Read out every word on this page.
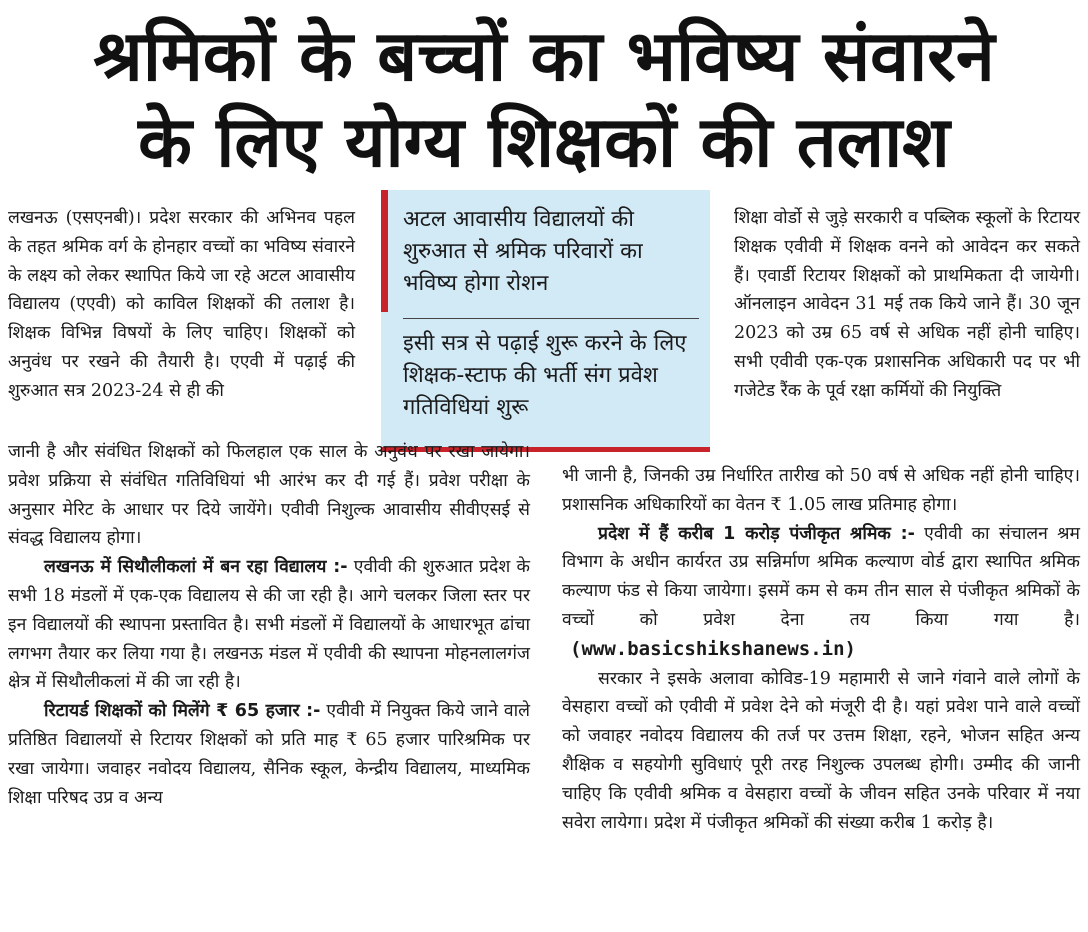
श्रमिकों के बच्चों का भविष्य संवारने
के लिए योग्य शिक्षकों की तलाश
अटल आवासीय विद्यालयों की शुरुआत से श्रमिक परिवारों का भविष्य होगा रोशन
इसी सत्र से पढ़ाई शुरू करने के लिए शिक्षक-स्टाफ की भर्ती संग प्रवेश गतिविधियां शुरू

लखनऊ (एसएनबी)। प्रदेश सरकार की अभिनव पहल के तहत श्रमिक वर्ग के होनहार वच्चों का भविष्य संवारने के लक्ष्य को लेकर स्थापित किये जा रहे अटल आवासीय विद्यालय (एएवी) को काविल शिक्षकों की तलाश है। शिक्षक विभिन्न विषयों के लिए चाहिए। शिक्षकों को अनुवंध पर रखने की तैयारी है। एएवी में पढ़ाई की शुरुआत सत्र 2023-24 से ही की

जानी है और संवंधित शिक्षकों को फिलहाल एक साल के अनुवंध पर रखा जायेगा। प्रवेश प्रक्रिया से संवंधित गतिविधियां भी आरंभ कर दी गई हैं। प्रवेश परीक्षा के अनुसार मेरिट के आधार पर दिये जायेंगे। एवीवी निशुल्क आवासीय सीवीएसई से संवद्ध विद्यालय होगा।

लखनऊ में सिथौलीकलां में बन रहा विद्यालय :- एवीवी की शुरुआत प्रदेश के सभी 18 मंडलों में एक-एक विद्यालय से की जा रही है। आगे चलकर जिला स्तर पर इन विद्यालयों की स्थापना प्रस्तावित है। सभी मंडलों में विद्यालयों के आधारभूत ढांचा लगभग तैयार कर लिया गया है। लखनऊ मंडल में एवीवी की स्थापना मोहनलालगंज क्षेत्र में सिथौलीकलां में की जा रही है।

रिटायर्ड शिक्षकों को मिलेंगे ₹ 65 हजार :- एवीवी में नियुक्त किये जाने वाले प्रतिष्ठित विद्यालयों से रिटायर शिक्षकों को प्रति माह ₹ 65 हजार पारिश्रमिक पर रखा जायेगा। जवाहर नवोदय विद्यालय, सैनिक स्कूल, केन्द्रीय विद्यालय, माध्यमिक शिक्षा परिषद उप्र व अन्य

शिक्षा वोर्डो से जुड़े सरकारी व पब्लिक स्कूलों के रिटायर शिक्षक एवीवी में शिक्षक वनने को आवेदन कर सकते हैं। एवार्डी रिटायर शिक्षकों को प्राथमिकता दी जायेगी। ऑनलाइन आवेदन 31 मई तक किये जाने हैं। 30 जून 2023 को उम्र 65 वर्ष से अधिक नहीं होनी चाहिए। सभी एवीवी एक-एक प्रशासनिक अधिकारी पद पर भी गजेटेड रैंक के पूर्व रक्षा कर्मियों की नियुक्ति

भी जानी है, जिनकी उम्र निर्धारित तारीख को 50 वर्ष से अधिक नहीं होनी चाहिए। प्रशासनिक अधिकारियों का वेतन ₹ 1.05 लाख प्रतिमाह होगा।

प्रदेश में हैं करीब 1 करोड़ पंजीकृत श्रमिक :- एवीवी का संचालन श्रम विभाग के अधीन कार्यरत उप्र सन्निर्माण श्रमिक कल्याण वोर्ड द्वारा स्थापित श्रमिक कल्याण फंड से किया जायेगा। इसमें कम से कम तीन साल से पंजीकृत श्रमिकों के वच्चों को प्रवेश देना तय किया गया है।(www.basicshikshanews.in)

सरकार ने इसके अलावा कोविड-19 महामारी से जाने गंवाने वाले लोगों के वेसहारा वच्चों को एवीवी में प्रवेश देने को मंजूरी दी है। यहां प्रवेश पाने वाले वच्चों को जवाहर नवोदय विद्यालय की तर्ज पर उत्तम शिक्षा, रहने, भोजन सहित अन्य शैक्षिक व सहयोगी सुविधाएं पूरी तरह निशुल्क उपलब्ध होगी। उम्मीद की जानी चाहिए कि एवीवी श्रमिक व वेसहारा वच्चों के जीवन सहित उनके परिवार में नया सवेरा लायेगा। प्रदेश में पंजीकृत श्रमिकों की संख्या करीब 1 करोड़ है।
